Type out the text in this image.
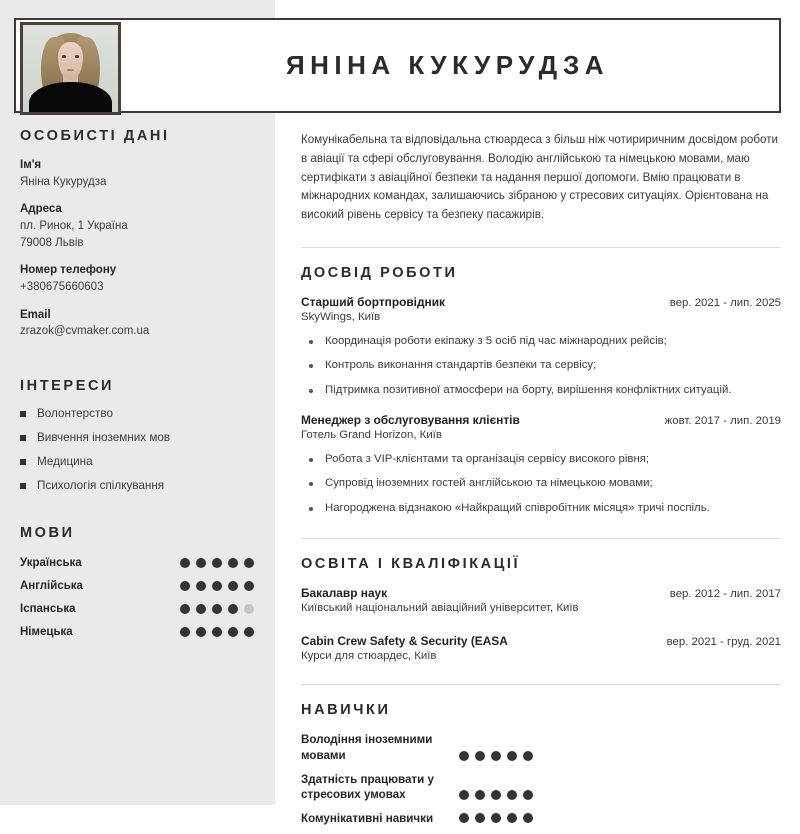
ЯНІНА КУКУРУДЗА
ОСОБИСТІ ДАНІ
Ім'я
Яніна Кукурудза
Адреса
пл. Ринок, 1 Україна
79008 Львів
Номер телефону
+380675660603
Email
zrazok@cvmaker.com.ua
ІНТЕРЕСИ
Волонтерство
Вивчення іноземних мов
Медицина
Психологія спілкування
МОВИ
Українська
Англійська
Іспанська
Німецька

Комунікабельна та відповідальна стюардеса з більш ніж чотириричним досвідом роботи в авіації та сфері обслуговування. Володію англійською та німецькою мовами, маю сертифікати з авіаційної безпеки та надання першої допомоги. Вмію працювати в міжнародних командах, залишаючись зібраною у стресових ситуаціях. Орієнтована на високий рівень сервісу та безпеку пасажирів.

ДОСВІД РОБОТИ
Старший бортпровідник	вер. 2021 - лип. 2025
SkyWings, Київ
Координація роботи екіпажу з 5 осіб під час міжнародних рейсів;
Контроль виконання стандартів безпеки та сервісу;
Підтримка позитивної атмосфери на борту, вирішення конфліктних ситуацій.
Менеджер з обслуговування клієнтів	жовт. 2017 - лип. 2019
Готель Grand Horizon, Київ
Робота з VIP-клієнтами та організація сервісу високого рівня;
Супровід іноземних гостей англійською та німецькою мовами;
Нагороджена відзнакою «Найкращий співробітник місяця» тричі поспіль.
ОСВІТА І КВАЛІФІКАЦІЇ
Бакалавр наук	вер. 2012 - лип. 2017
Київський національний авіаційний університет, Київ
Cabin Crew Safety & Security (EASA	вер. 2021 - груд. 2021
Курси для стюардес, Київ
НАВИЧКИ
Володіння іноземними мовами
Здатність працювати у стресових умовах
Комунікативні навички
